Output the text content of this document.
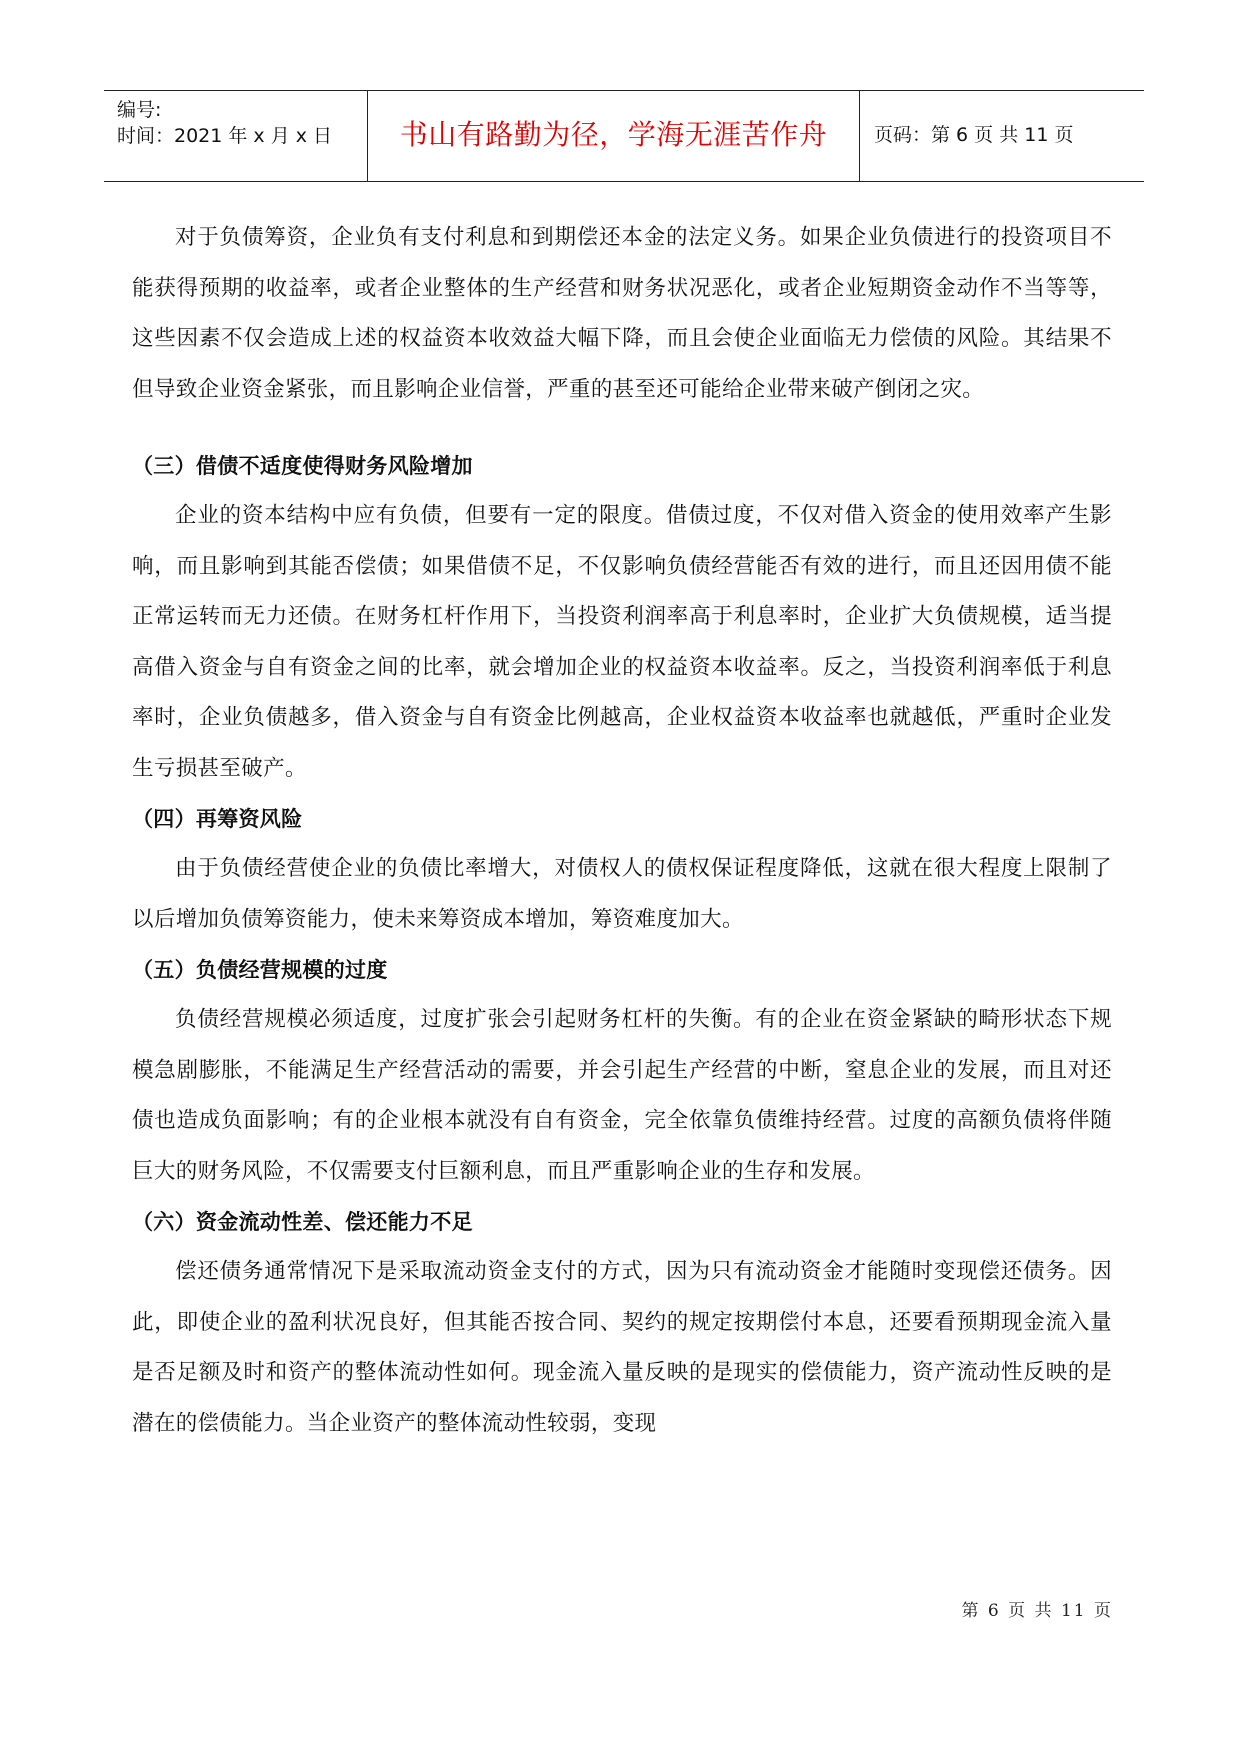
编号:
时间：2021 年 x 月 x 日 书山有路勤为径，学海无涯苦作舟 页码：第 6 页 共 11 页

对于负债筹资，企业负有支付利息和到期偿还本金的法定义务。如果企业负债进行的投资项目不能获得预期的收益率，或者企业整体的生产经营和财务状况恶化，或者企业短期资金动作不当等等，这些因素不仅会造成上述的权益资本收效益大幅下降，而且会使企业面临无力偿债的风险。其结果不但导致企业资金紧张，而且影响企业信誉，严重的甚至还可能给企业带来破产倒闭之灾。

（三）借债不适度使得财务风险增加

企业的资本结构中应有负债，但要有一定的限度。借债过度，不仅对借入资金的使用效率产生影响，而且影响到其能否偿债；如果借债不足，不仅影响负债经营能否有效的进行，而且还因用债不能正常运转而无力还债。在财务杠杆作用下，当投资利润率高于利息率时，企业扩大负债规模，适当提高借入资金与自有资金之间的比率，就会增加企业的权益资本收益率。反之，当投资利润率低于利息率时，企业负债越多，借入资金与自有资金比例越高，企业权益资本收益率也就越低，严重时企业发生亏损甚至破产。

（四）再筹资风险

由于负债经营使企业的负债比率增大，对债权人的债权保证程度降低，这就在很大程度上限制了以后增加负债筹资能力，使未来筹资成本增加，筹资难度加大。

（五）负债经营规模的过度

负债经营规模必须适度，过度扩张会引起财务杠杆的失衡。有的企业在资金紧缺的畸形状态下规模急剧膨胀，不能满足生产经营活动的需要，并会引起生产经营的中断，窒息企业的发展，而且对还债也造成负面影响；有的企业根本就没有自有资金，完全依靠负债维持经营。过度的高额负债将伴随巨大的财务风险，不仅需要支付巨额利息，而且严重影响企业的生存和发展。

（六）资金流动性差、偿还能力不足

偿还债务通常情况下是采取流动资金支付的方式，因为只有流动资金才能随时变现偿还债务。因此，即使企业的盈利状况良好，但其能否按合同、契约的规定按期偿付本息，还要看预期现金流入量是否足额及时和资产的整体流动性如何。现金流入量反映的是现实的偿债能力，资产流动性反映的是潜在的偿债能力。当企业资产的整体流动性较弱，变现

第 6 页 共 11 页
